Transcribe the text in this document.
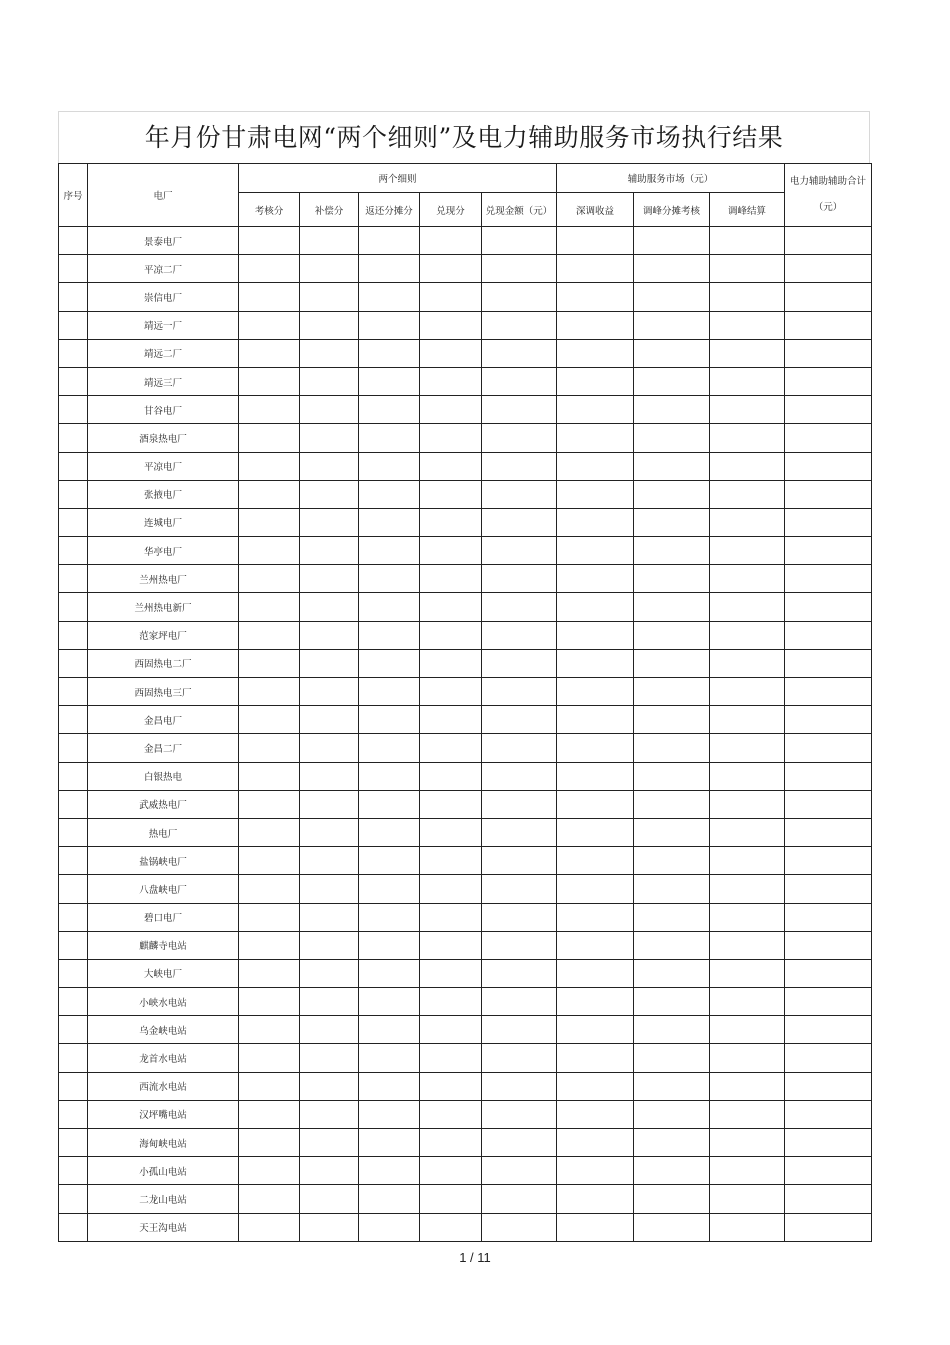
年月份甘肃电网“两个细则”及电力辅助服务市场执行结果
序号	电厂	两个细则					辅助服务市场（元）			电力辅助辅助合计（元）
		考核分	补偿分	返还分摊分	兑现分	兑现金额（元）	深调收益	调峰分摊考核	调峰结算	
	景泰电厂									
	平凉二厂									
	崇信电厂									
	靖远一厂									
	靖远二厂									
	靖远三厂									
	甘谷电厂									
	酒泉热电厂									
	平凉电厂									
	张掖电厂									
	连城电厂									
	华亭电厂									
	兰州热电厂									
	兰州热电新厂									
	范家坪电厂									
	西固热电二厂									
	西固热电三厂									
	金昌电厂									
	金昌二厂									
	白银热电									
	武威热电厂									
	热电厂									
	盐锅峡电厂									
	八盘峡电厂									
	碧口电厂									
	麒麟寺电站									
	大峡电厂									
	小峡水电站									
	乌金峡电站									
	龙首水电站									
	西流水电站									
	汉坪嘴电站									
	海甸峡电站									
	小孤山电站									
	二龙山电站									
	天王沟电站									
1 / 11
